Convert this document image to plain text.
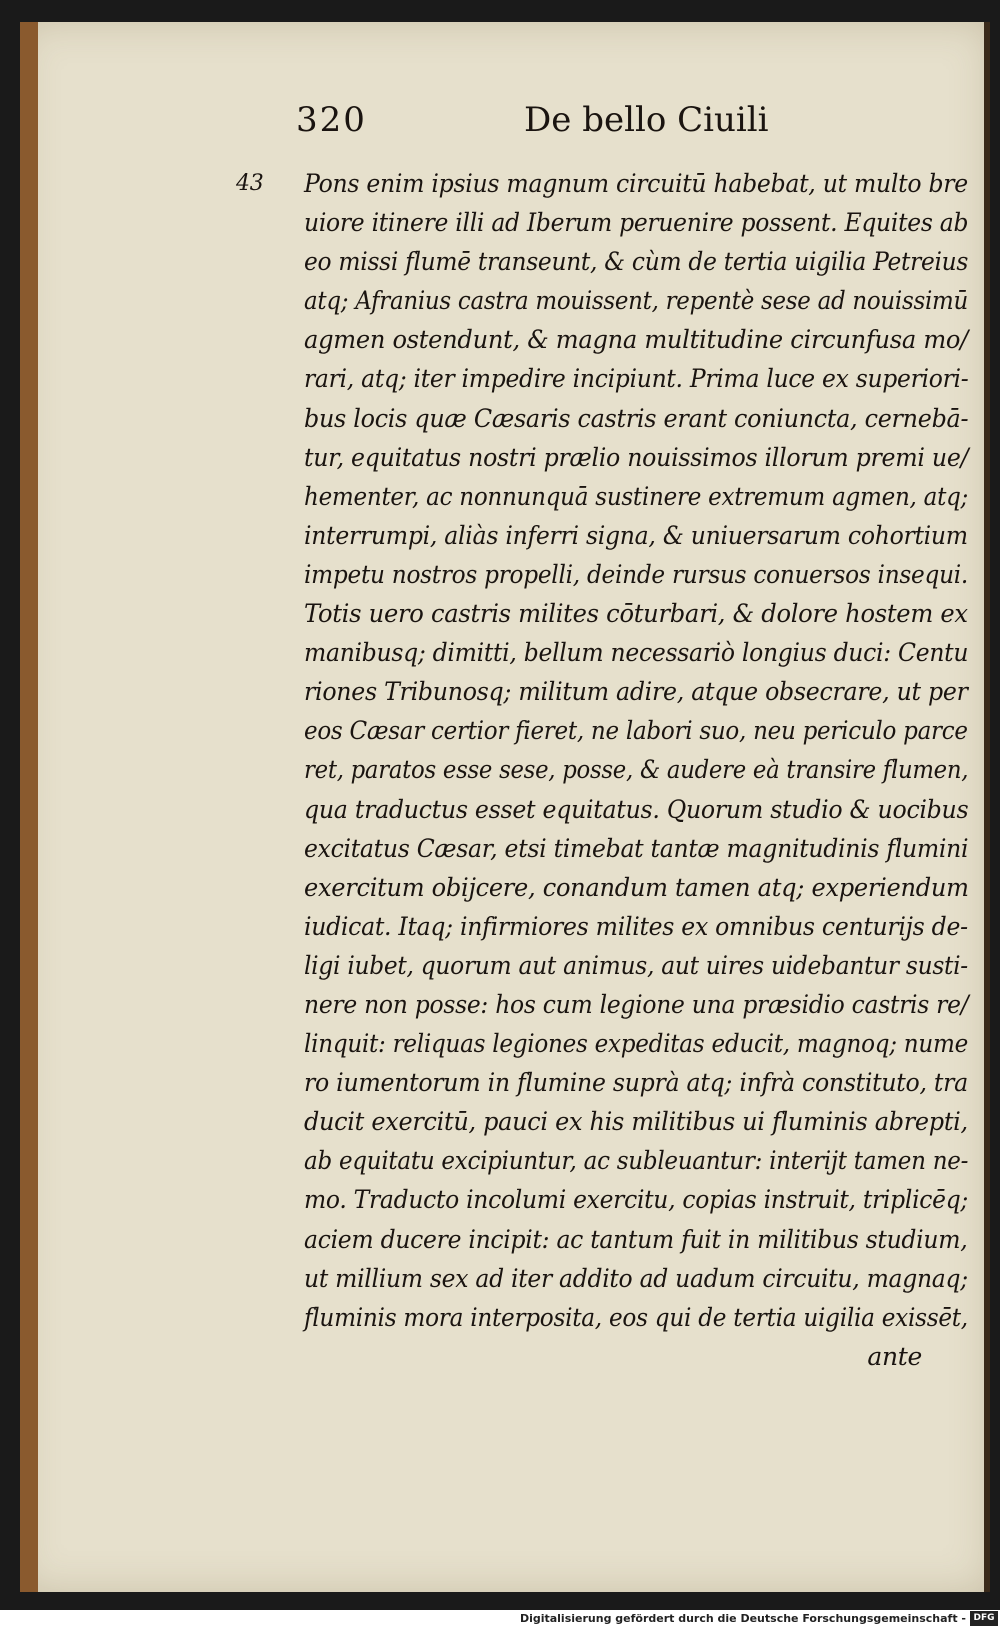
320	De bello Ciuili
43 Pons enim ipsius magnum circuitū habebat, ut multo bre
uiore itinere illi ad Iberum peruenire possent. Equites ab
eo missi flumē transeunt, & cùm de tertia uigilia Petreius
atq; Afranius castra mouissent, repentè sese ad nouissimū
agmen ostendunt, & magna multitudine circunfusa mo/
rari, atq; iter impedire incipiunt. Prima luce ex superiori-
bus locis quæ Cæsaris castris erant coniuncta, cernebā-
tur, equitatus nostri prælio nouissimos illorum premi ue/
hementer, ac nonnunquā sustinere extremum agmen, atq;
interrumpi, aliàs inferri signa, & uniuersarum cohortium
impetu nostros propelli, deinde rursus conuersos insequi.
Totis uero castris milites cōturbari, & dolore hostem ex
manibusq; dimitti, bellum necessariò longius duci: Centu
riones Tribunosq; militum adire, atque obsecrare, ut per
eos Cæsar certior fieret, ne labori suo, neu periculo parce
ret, paratos esse sese, posse, & audere eà transire flumen,
qua traductus esset equitatus. Quorum studio & uocibus
excitatus Cæsar, etsi timebat tantæ magnitudinis flumini
exercitum obijcere, conandum tamen atq; experiendum
iudicat. Itaq; infirmiores milites ex omnibus centurijs de-
ligi iubet, quorum aut animus, aut uires uidebantur susti-
nere non posse: hos cum legione una præsidio castris re/
linquit: reliquas legiones expeditas educit, magnoq; nume
ro iumentorum in flumine suprà atq; infrà constituto, tra
ducit exercitū, pauci ex his militibus ui fluminis abrepti,
ab equitatu excipiuntur, ac subleuantur: interijt tamen ne-
mo. Traducto incolumi exercitu, copias instruit, triplicēq;
aciem ducere incipit: ac tantum fuit in militibus studium,
ut millium sex ad iter addito ad uadum circuitu, magnaq;
fluminis mora interposita, eos qui de tertia uigilia exissēt,
ante
Digitalisierung gefördert durch die Deutsche Forschungsgemeinschaft - DFG
